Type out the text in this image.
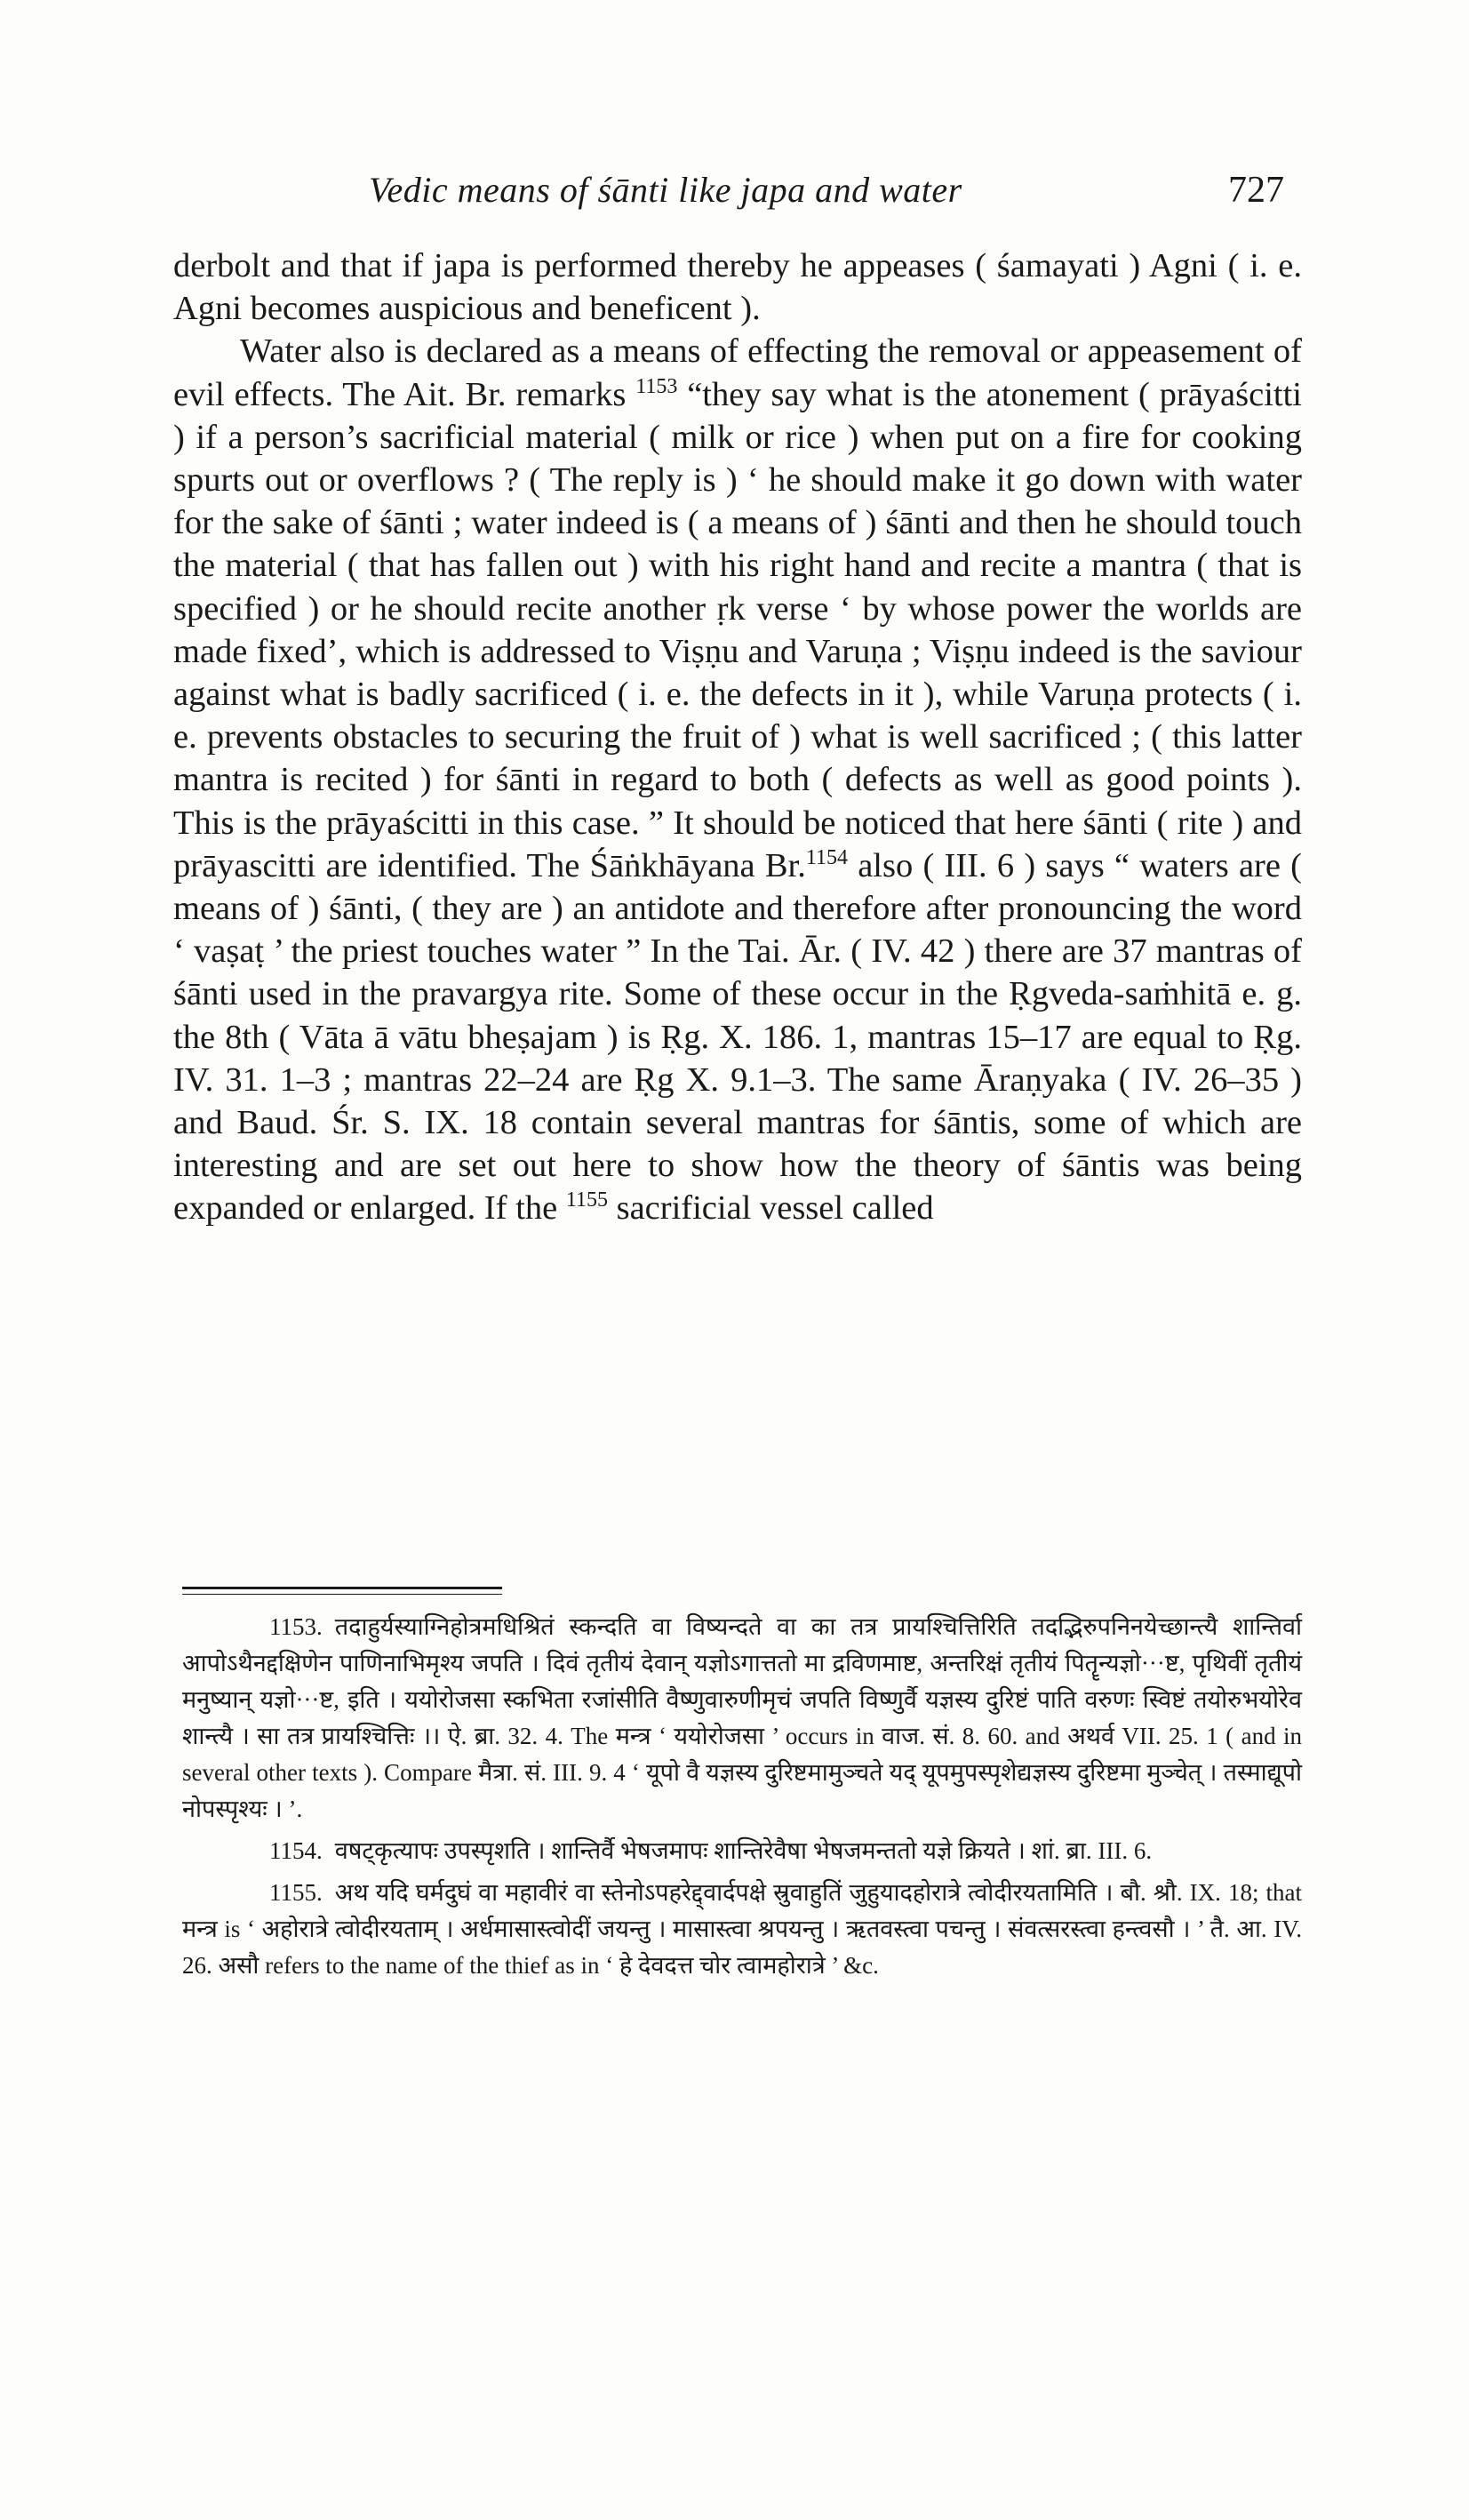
Vedic means of śānti like japa and water	727

derbolt and that if japa is performed thereby he appeases ( śamayati ) Agni ( i. e. Agni becomes auspicious and beneficent ).

Water also is declared as a means of effecting the removal or appeasement of evil effects. The Ait. Br. remarks $^{1153}$ “they say what is the atonement ( prāyaścitti ) if a person’s sacrificial material ( milk or rice ) when put on a fire for cooking spurts out or overflows ? ( The reply is ) ‘ he should make it go down with water for the sake of śānti ; water indeed is ( a means of ) śānti and then he should touch the material ( that has fallen out ) with his right hand and recite a mantra ( that is specified ) or he should recite another ṛk verse ‘ by whose power the worlds are made fixed’, which is addressed to Viṣṇu and Varuṇa ; Viṣṇu indeed is the saviour against what is badly sacrificed ( i. e. the defects in it ), while Varuṇa protects ( i. e. prevents obstacles to securing the fruit of ) what is well sacrificed ; ( this latter mantra is recited ) for śānti in regard to both ( defects as well as good points ). This is the prāyaścitti in this case. ” It should be noticed that here śānti ( rite ) and prāyascitti are identified. The Śāṅkhāyana Br.$^{1154}$ also ( III. 6 ) says “ waters are ( means of ) śānti, ( they are ) an antidote and therefore after pronouncing the word ‘ vaṣaṭ ’ the priest touches water ” In the Tai. Ār. ( IV. 42 ) there are 37 mantras of śānti used in the pravargya rite. Some of these occur in the Ṛgveda-saṁhitā e. g. the 8th ( Vāta ā vātu bheṣajam ) is Ṛg. X. 186. 1, mantras 15–17 are equal to Ṛg. IV. 31. 1–3 ; mantras 22–24 are Ṛg X. 9.1–3. The same Āraṇyaka ( IV. 26–35 ) and Baud. Śr. S. IX. 18 contain several mantras for śāntis, some of which are interesting and are set out here to show how the theory of śāntis was being expanded or enlarged. If the $^{1155}$ sacrificial vessel called

1153. तदाहुर्यस्याग्निहोत्रमधिश्रितं स्कन्दति वा विष्यन्दते वा का तत्र प्रायश्चित्तिरिति तदद्भिरुपनिनयेच्छान्त्यै शान्तिर्वा आपोऽथैनद्दक्षिणेन पाणिनाभिमृश्य जपति । दिवं तृतीयं देवान् यज्ञोऽगात्ततो मा द्रविणमाष्ट, अन्तरिक्षं तृतीयं पितॄन्यज्ञो···ष्ट, पृथिवीं तृतीयं मनुष्यान् यज्ञो···ष्ट, इति । ययोरोजसा स्कभिता रजांसीति वैष्णुवारुणीमृचं जपति विष्णुर्वै यज्ञस्य दुरिष्टं पाति वरुणः स्विष्टं तयोरुभयोरेव शान्त्यै । सा तत्र प्रायश्चित्तिः ।। ऐ. ब्रा. 32. 4. The मन्त्र ‘ ययोरोजसा ’ occurs in वाज. सं. 8. 60. and अथर्व VII. 25. 1 ( and in several other texts ). Compare मैत्रा. सं. III. 9. 4 ‘ यूपो वै यज्ञस्य दुरिष्टमामुञ्चते यद् यूपमुपस्पृशेद्यज्ञस्य दुरिष्टमा मुञ्चेत् । तस्माद्यूपो नोपस्पृश्यः । ’.

1154. वषट्कृत्यापः उपस्पृशति । शान्तिर्वै भेषजमापः शान्तिरेवैषा भेषजमन्ततो यज्ञे क्रियते । शां. ब्रा. III. 6.

1155. अथ यदि घर्मदुघं वा महावीरं वा स्तेनोऽपहरेद्द्वार्दपक्षे स्रुवाहुतिं जुहुयादहोरात्रे त्वोदीरयतामिति । बौ. श्रौ. IX. 18; that मन्त्र is ‘ अहोरात्रे त्वोदीरयताम् । अर्धमासास्त्वोदीं जयन्तु । मासास्त्वा श्रपयन्तु । ऋतवस्त्वा पचन्तु । संवत्सरस्त्वा हन्त्वसौ । ’ तै. आ. IV. 26. असौ refers to the name of the thief as in ‘ हे देवदत्त चोर त्वामहोरात्रे ’ &c.
